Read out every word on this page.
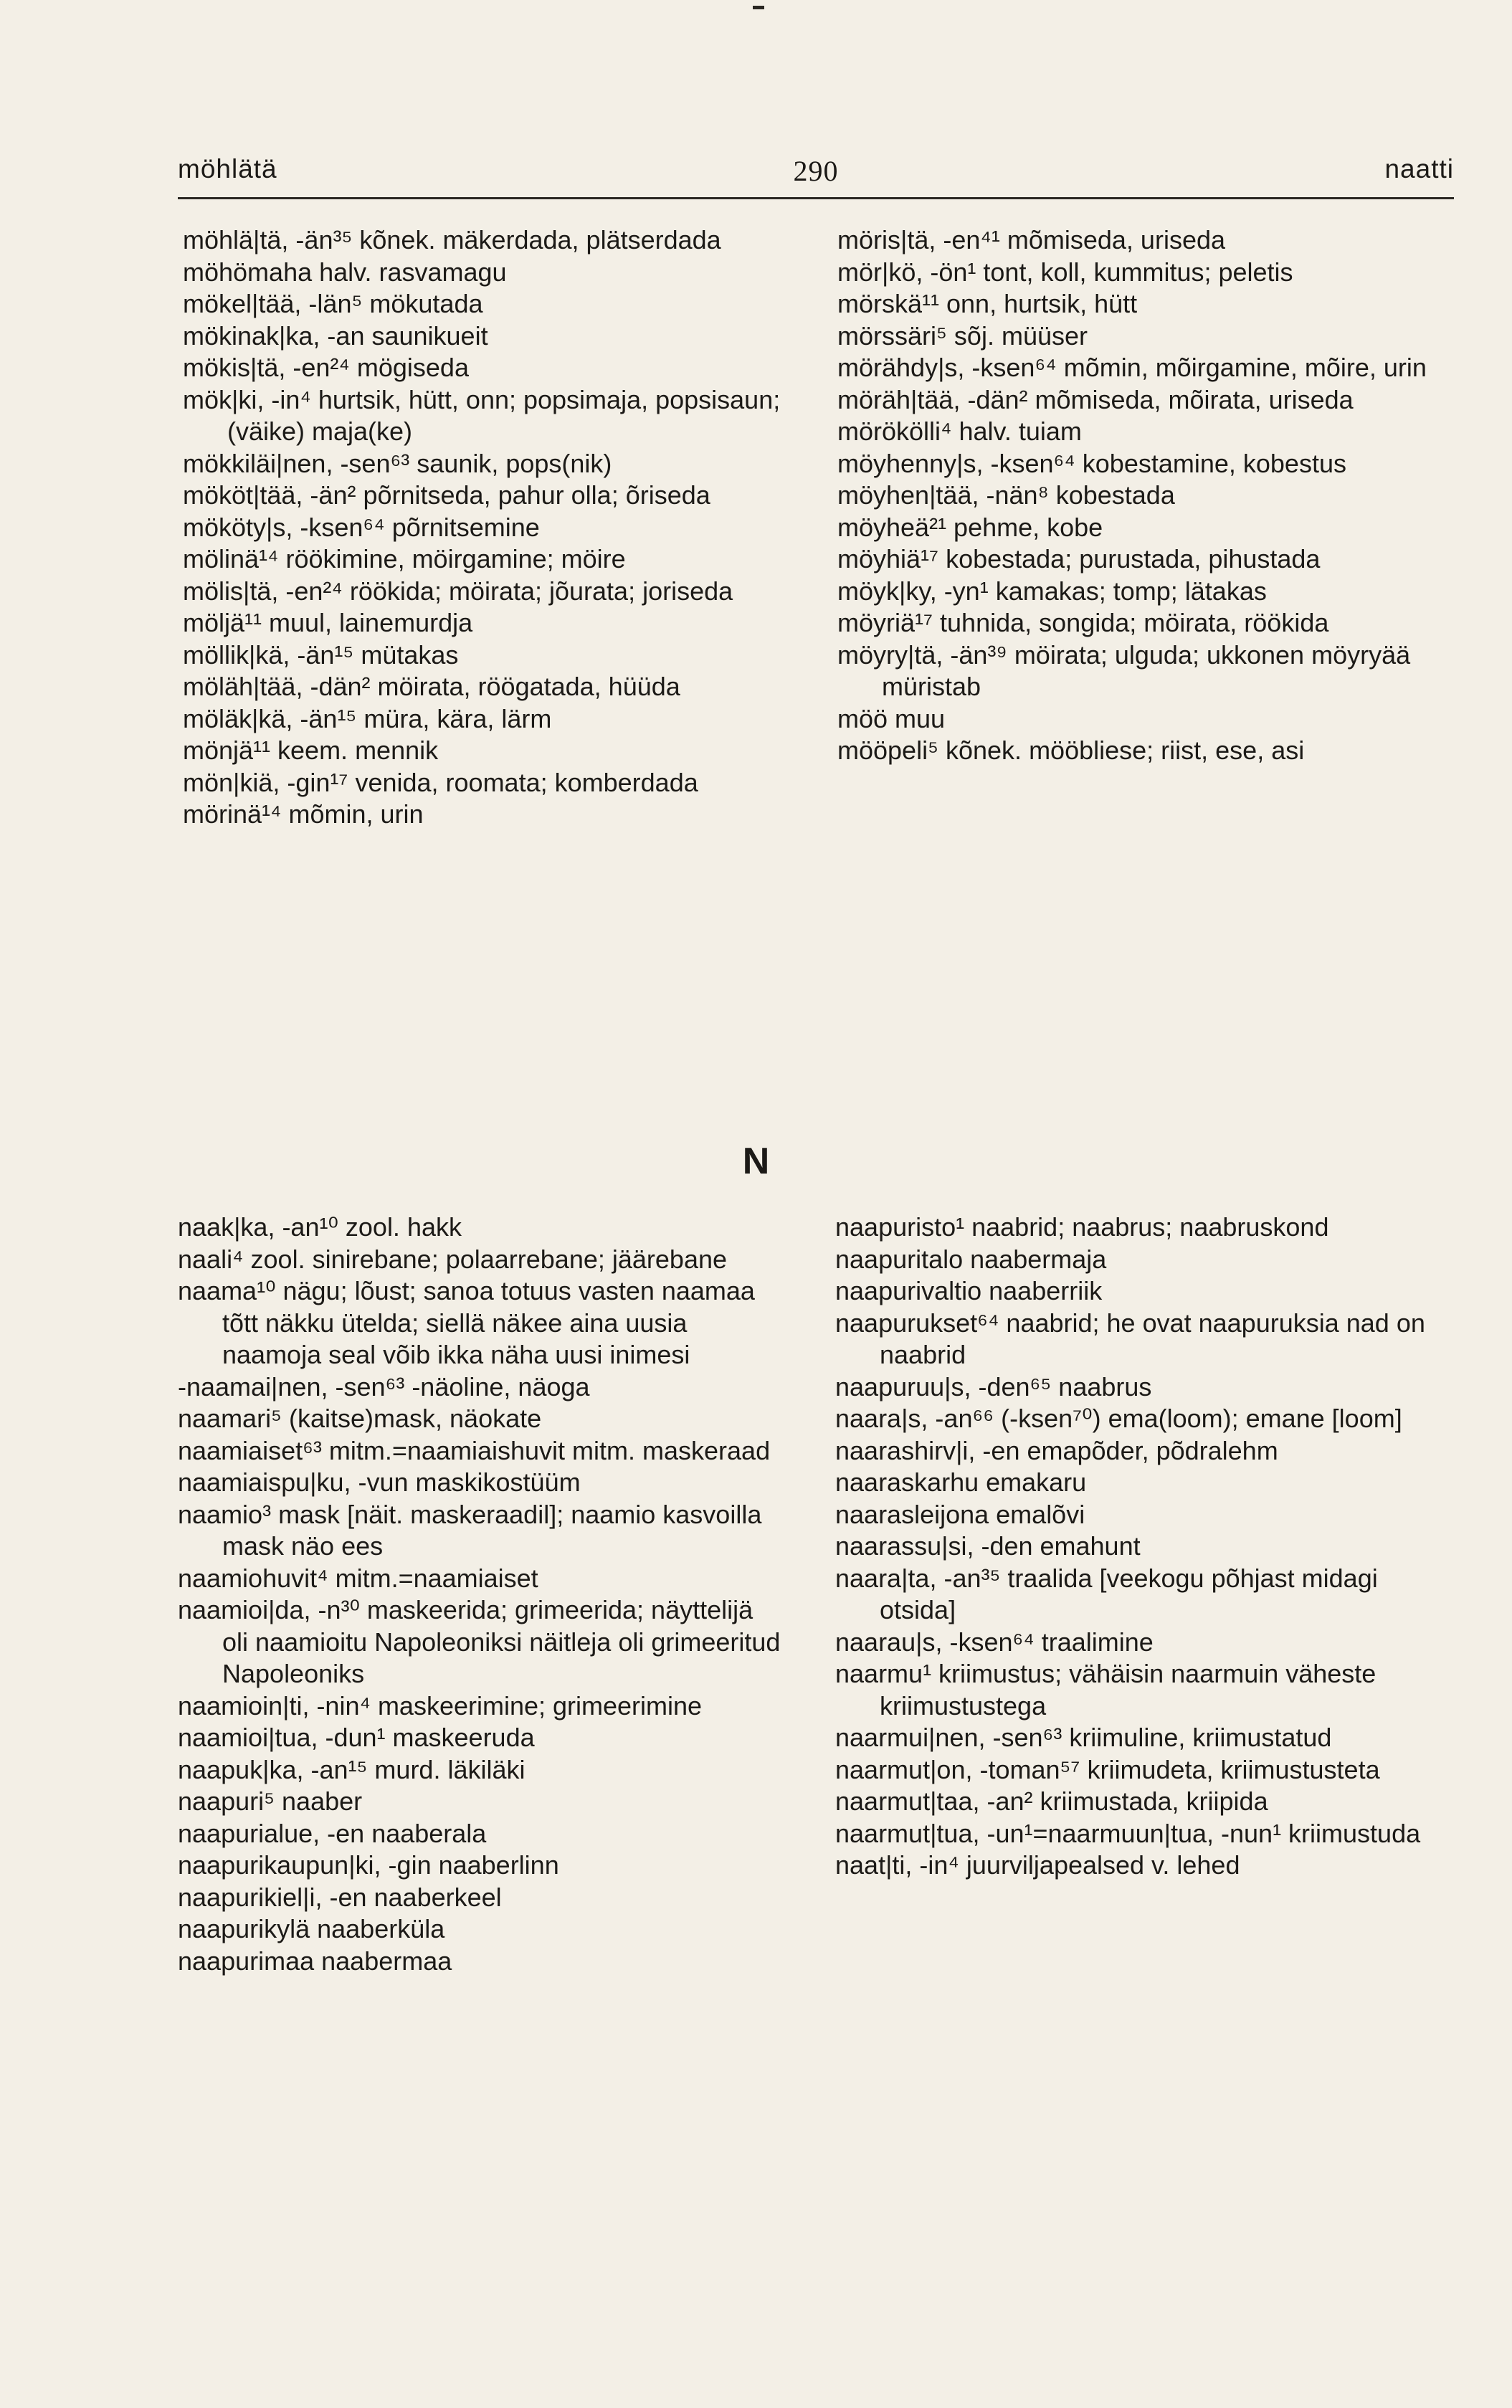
möhlätä	290	naatti
möhlä|tä, -än³⁵ kõnek. mäkerdada, plätserdada
möhömaha halv. rasvamagu
mökel|tää, -län⁵ mökutada
mökinak|ka, -an saunikueit
mökis|tä, -en²⁴ mögiseda
mök|ki, -in⁴ hurtsik, hütt, onn; popsimaja, popsisaun; (väike) maja(ke)
mökkiläi|nen, -sen⁶³ saunik, pops(nik)
mököt|tää, -än² põrnitseda, pahur olla; õriseda
mököty|s, -ksen⁶⁴ põrnitsemine
mölinä¹⁴ röökimine, möirgamine; möire
mölis|tä, -en²⁴ röökida; möirata; jõurata; joriseda
möljä¹¹ muul, lainemurdja
möllik|kä, -än¹⁵ mütakas
möläh|tää, -dän² möirata, röögatada, hüüda
möläk|kä, -än¹⁵ müra, kära, lärm
mönjä¹¹ keem. mennik
mön|kiä, -gin¹⁷ venida, roomata; komberdada
mörinä¹⁴ mõmin, urin
möris|tä, -en⁴¹ mõmiseda, uriseda
mör|kö, -ön¹ tont, koll, kummitus; peletis
mörskä¹¹ onn, hurtsik, hütt
mörssäri⁵ sõj. müüser
mörähdy|s, -ksen⁶⁴ mõmin, mõirgamine, mõire, urin
möräh|tää, -dän² mõmiseda, mõirata, uriseda
mörökölli⁴ halv. tuiam
möyhenny|s, -ksen⁶⁴ kobestamine, kobestus
möyhen|tää, -nän⁸ kobestada
möyheä²¹ pehme, kobe
möyhiä¹⁷ kobestada; purustada, pihustada
möyk|ky, -yn¹ kamakas; tomp; lätakas
möyriä¹⁷ tuhnida, songida; möirata, röökida
möyry|tä, -än³⁹ möirata; ulguda; ukkonen möyryää müristab
möö muu
mööpeli⁵ kõnek. mööbliese; riist, ese, asi
N
naak|ka, -an¹⁰ zool. hakk
naali⁴ zool. sinirebane; polaarrebane; jäärebane
naama¹⁰ nägu; lõust; sanoa totuus vasten naamaa tõtt näkku ütelda; siellä näkee aina uusia naamoja seal võib ikka näha uusi inimesi
-naamai|nen, -sen⁶³ -näoline, näoga
naamari⁵ (kaitse)mask, näokate
naamiaiset⁶³ mitm.=naamiaishuvit mitm. maskeraad
naamiaispu|ku, -vun maskikostüüm
naamio³ mask [näit. maskeraadil]; naamio kasvoilla mask näo ees
naamiohuvit⁴ mitm.=naamiaiset
naamioi|da, -n³⁰ maskeerida; grimeerida; näyttelijä oli naamioitu Napoleoniksi näitleja oli grimeeritud Napoleoniks
naamioin|ti, -nin⁴ maskeerimine; grimeerimine
naamioi|tua, -dun¹ maskeeruda
naapuk|ka, -an¹⁵ murd. läkiläki
naapuri⁵ naaber
naapurialue, -en naaberala
naapurikaupun|ki, -gin naaberlinn
naapurikiel|i, -en naaberkeel
naapurikylä naaberküla
naapurimaa naabermaa
naapuristo¹ naabrid; naabrus; naabruskond
naapuritalo naabermaja
naapurivaltio naaberriik
naapurukset⁶⁴ naabrid; he ovat naapuruksia nad on naabrid
naapuruu|s, -den⁶⁵ naabrus
naara|s, -an⁶⁶ (-ksen⁷⁰) ema(loom); emane [loom]
naarashirv|i, -en emapõder, põdralehm
naaraskarhu emakaru
naarasleijona emalõvi
naarassu|si, -den emahunt
naara|ta, -an³⁵ traalida [veekogu põhjast midagi otsida]
naarau|s, -ksen⁶⁴ traalimine
naarmu¹ kriimustus; vähäisin naarmuin väheste kriimustustega
naarmui|nen, -sen⁶³ kriimuline, kriimustatud
naarmut|on, -toman⁵⁷ kriimudeta, kriimustusteta
naarmut|taa, -an² kriimustada, kriipida
naarmut|tua, -un¹=naarmuun|tua, -nun¹ kriimustuda
naat|ti, -in⁴ juurviljapealsed v. lehed
